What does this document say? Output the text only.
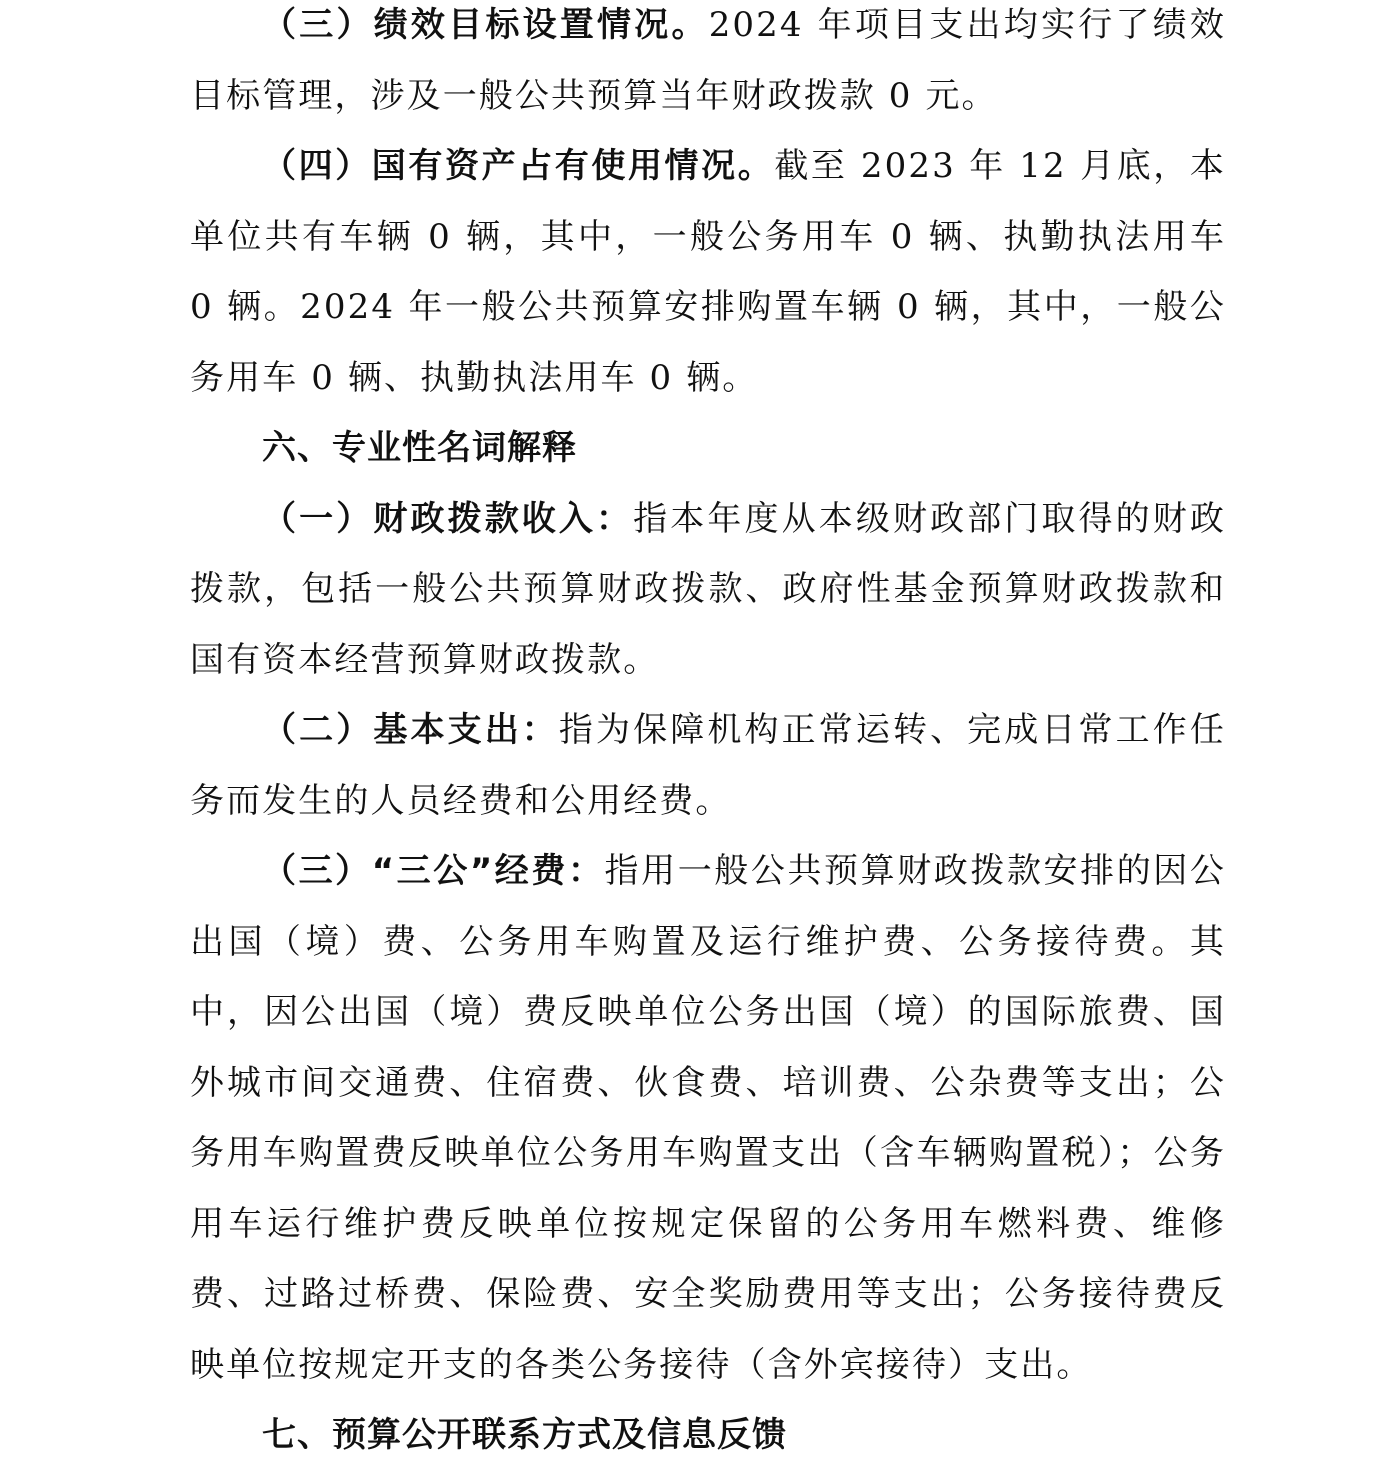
（三）绩效目标设置情况。2024 年项目支出均实行了绩效目标管理，涉及一般公共预算当年财政拨款 0 元。

（四）国有资产占有使用情况。截至 2023 年 12 月底，本单位共有车辆 0 辆，其中，一般公务用车 0 辆、执勤执法用车 0 辆。2024 年一般公共预算安排购置车辆 0 辆，其中，一般公务用车 0 辆、执勤执法用车 0 辆。

六、专业性名词解释

（一）财政拨款收入：指本年度从本级财政部门取得的财政拨款，包括一般公共预算财政拨款、政府性基金预算财政拨款和国有资本经营预算财政拨款。

（二）基本支出：指为保障机构正常运转、完成日常工作任务而发生的人员经费和公用经费。

（三）“三公”经费：指用一般公共预算财政拨款安排的因公出国（境）费、公务用车购置及运行维护费、公务接待费。其中，因公出国（境）费反映单位公务出国（境）的国际旅费、国外城市间交通费、住宿费、伙食费、培训费、公杂费等支出；公务用车购置费反映单位公务用车购置支出（含车辆购置税）；公务用车运行维护费反映单位按规定保留的公务用车燃料费、维修费、过路过桥费、保险费、安全奖励费用等支出；公务接待费反映单位按规定开支的各类公务接待（含外宾接待）支出。

七、预算公开联系方式及信息反馈
